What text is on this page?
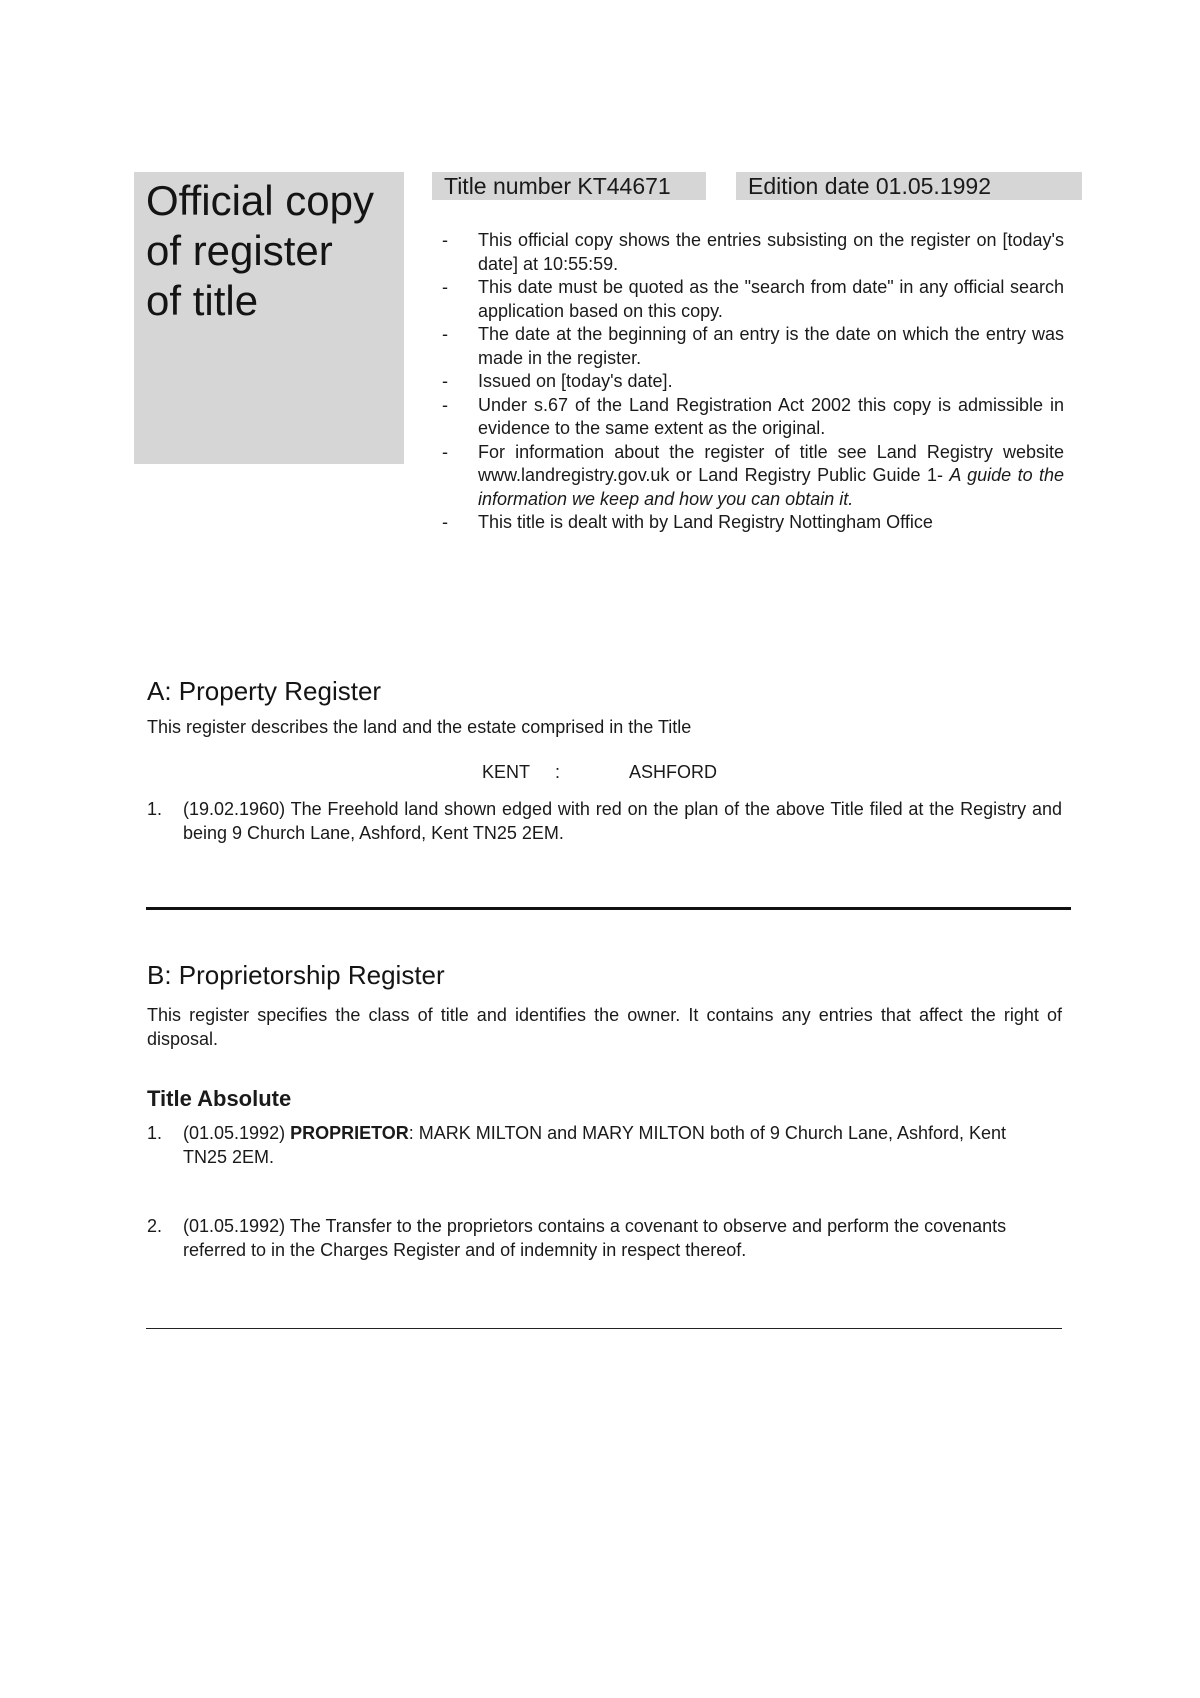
Official copy
of register
of title
Title number KT44671	Edition date 01.05.1992
- This official copy shows the entries subsisting on the register on [today's date] at 10:55:59.
- This date must be quoted as the "search from date" in any official search application based on this copy.
- The date at the beginning of an entry is the date on which the entry was made in the register.
- Issued on [today's date].
- Under s.67 of the Land Registration Act 2002 this copy is admissible in evidence to the same extent as the original.
- For information about the register of title see Land Registry website www.landregistry.gov.uk or Land Registry Public Guide 1- A guide to the information we keep and how you can obtain it.
- This title is dealt with by Land Registry Nottingham Office
A: Property Register

This register describes the land and the estate comprised in the Title

KENT :	ASHFORD
1. (19.02.1960) The Freehold land shown edged with red on the plan of the above Title filed at the Registry and being 9 Church Lane, Ashford, Kent TN25 2EM.
B: Proprietorship Register

This register specifies the class of title and identifies the owner. It contains any entries that affect the right of disposal.

Title Absolute
1. (01.05.1992) PROPRIETOR: MARK MILTON and MARY MILTON both of 9 Church Lane, Ashford, Kent TN25 2EM.
2. (01.05.1992) The Transfer to the proprietors contains a covenant to observe and perform the covenants referred to in the Charges Register and of indemnity in respect thereof.
